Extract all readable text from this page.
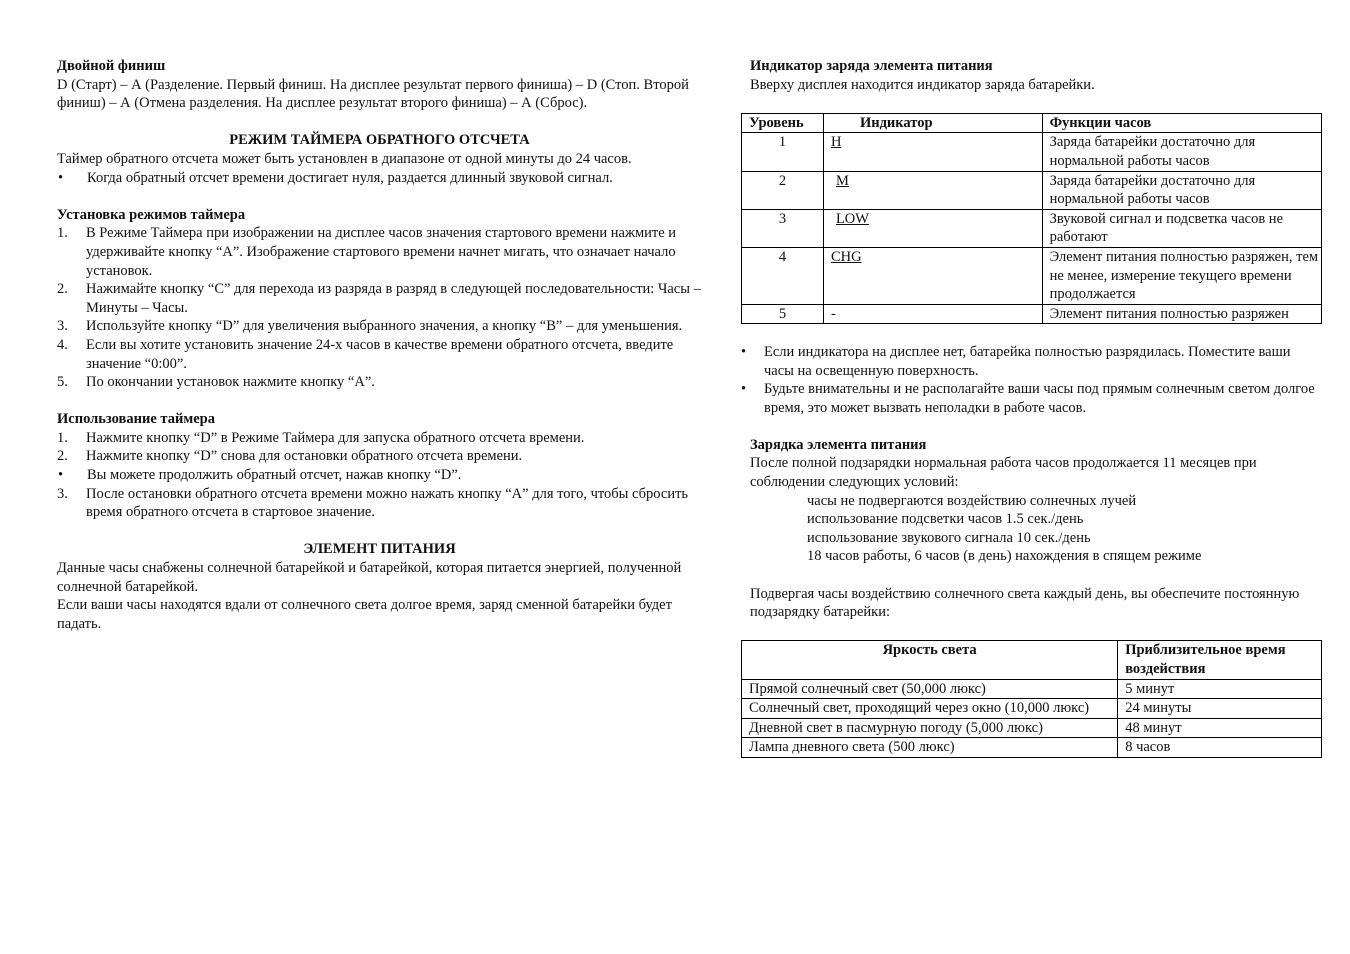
Двойной финиш

D (Старт) – А (Разделение. Первый финиш. На дисплее результат первого финиша) – D (Стоп. Второй финиш) – А (Отмена разделения. На дисплее результат второго финиша) – А (Сброс).

РЕЖИМ ТАЙМЕРА ОБРАТНОГО ОТСЧЕТА

Таймер обратного отсчета может быть установлен в диапазоне от одной минуты до 24 часов.

•	Когда обратный отсчет времени достигает нуля, раздается длинный звуковой сигнал.

Установка режимов таймера

1.	В Режиме Таймера при изображении на дисплее часов значения стартового времени нажмите и удерживайте кнопку “А”. Изображение стартового времени начнет мигать, что означает начало установок.
2.	Нажимайте кнопку “С” для перехода из разряда в разряд в следующей последовательности: Часы – Минуты – Часы.
3.	Используйте кнопку “D” для увеличения выбранного значения, а кнопку “В” – для уменьшения.
4.	Если вы хотите установить значение 24-х часов в качестве времени обратного отсчета, введите значение “0:00”.
5.	По окончании установок нажмите кнопку “А”.

Использование таймера

1.	Нажмите кнопку “D” в Режиме Таймера для запуска обратного отсчета времени.
2.	Нажмите кнопку “D” снова для остановки обратного отсчета времени.
•	Вы можете продолжить обратный отсчет, нажав кнопку “D”.
3.	После остановки обратного отсчета времени можно нажать кнопку “А” для того, чтобы сбросить время обратного отсчета в стартовое значение.

ЭЛЕМЕНТ ПИТАНИЯ

Данные часы снабжены солнечной батарейкой и батарейкой, которая питается энергией, полученной солнечной батарейкой.

Если ваши часы находятся вдали от солнечного света долгое время, заряд сменной батарейки будет падать.

Индикатор заряда элемента питания

Вверху дисплея находится индикатор заряда батарейки.

Уровень	Индикатор	Функции часов
1	H	Заряда батарейки достаточно для нормальной работы часов
2	M	Заряда батарейки достаточно для нормальной работы часов
3	LOW	Звуковой сигнал и подсветка часов не работают
4	CHG	Элемент питания полностью разряжен, тем не менее, измерение текущего времени продолжается
5	-	Элемент питания полностью разряжен
•	Если индикатора на дисплее нет, батарейка полностью разрядилась. Поместите ваши часы на освещенную поверхность.
•	Будьте внимательны и не располагайте ваши часы под прямым солнечным светом долгое время, это может вызвать неполадки в работе часов.

Зарядка элемента питания

После полной подзарядки нормальная работа часов продолжается 11 месяцев при соблюдении следующих условий:

часы не подвергаются воздействию солнечных лучей

использование подсветки часов 1.5 сек./день

использование звукового сигнала 10 сек./день

18 часов работы, 6 часов (в день) нахождения в спящем режиме

Подвергая часы воздействию солнечного света каждый день, вы обеспечите постоянную подзарядку батарейки:

Яркость света	Приблизительное время воздействия
Прямой солнечный свет (50,000 люкс)	5 минут
Солнечный свет, проходящий через окно (10,000 люкс)	24 минуты
Дневной свет в пасмурную погоду (5,000 люкс)	48 минут
Лампа дневного света (500 люкс)	8 часов
